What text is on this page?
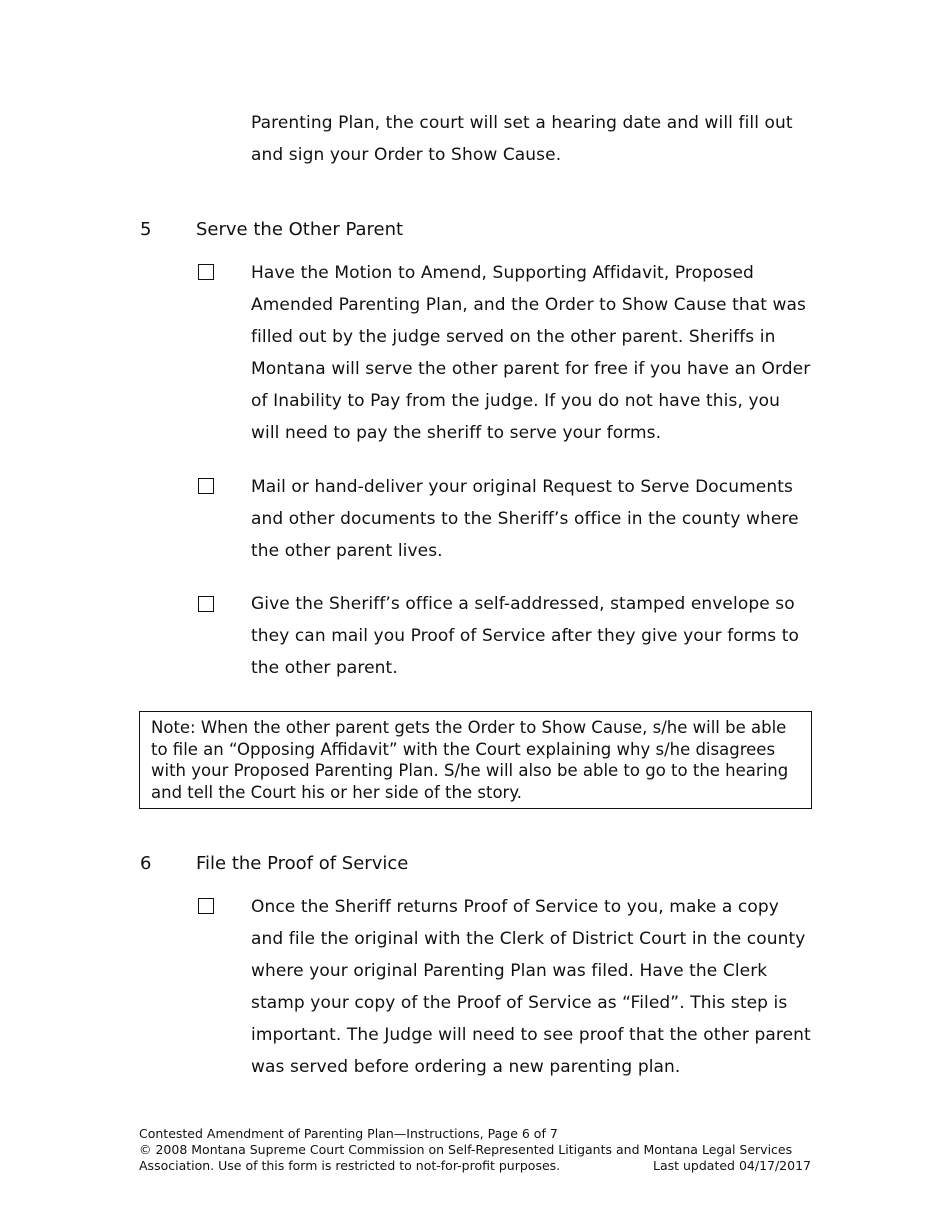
Parenting Plan, the court will set a hearing date and will fill out and sign your Order to Show Cause.
5 Serve the Other Parent
Have the Motion to Amend, Supporting Affidavit, Proposed Amended Parenting Plan, and the Order to Show Cause that was filled out by the judge served on the other parent. Sheriffs in Montana will serve the other parent for free if you have an Order of Inability to Pay from the judge. If you do not have this, you will need to pay the sheriff to serve your forms.
Mail or hand-deliver your original Request to Serve Documents and other documents to the Sheriff’s office in the county where the other parent lives.
Give the Sheriff’s office a self-addressed, stamped envelope so they can mail you Proof of Service after they give your forms to the other parent.
Note: When the other parent gets the Order to Show Cause, s/he will be able to file an “Opposing Affidavit” with the Court explaining why s/he disagrees with your Proposed Parenting Plan. S/he will also be able to go to the hearing and tell the Court his or her side of the story.
6 File the Proof of Service
Once the Sheriff returns Proof of Service to you, make a copy and file the original with the Clerk of District Court in the county where your original Parenting Plan was filed. Have the Clerk stamp your copy of the Proof of Service as “Filed”. This step is important. The Judge will need to see proof that the other parent was served before ordering a new parenting plan.
Contested Amendment of Parenting Plan—Instructions, Page 6 of 7
© 2008 Montana Supreme Court Commission on Self-Represented Litigants and Montana Legal Services
Association. Use of this form is restricted to not-for-profit purposes.	Last updated 04/17/2017
